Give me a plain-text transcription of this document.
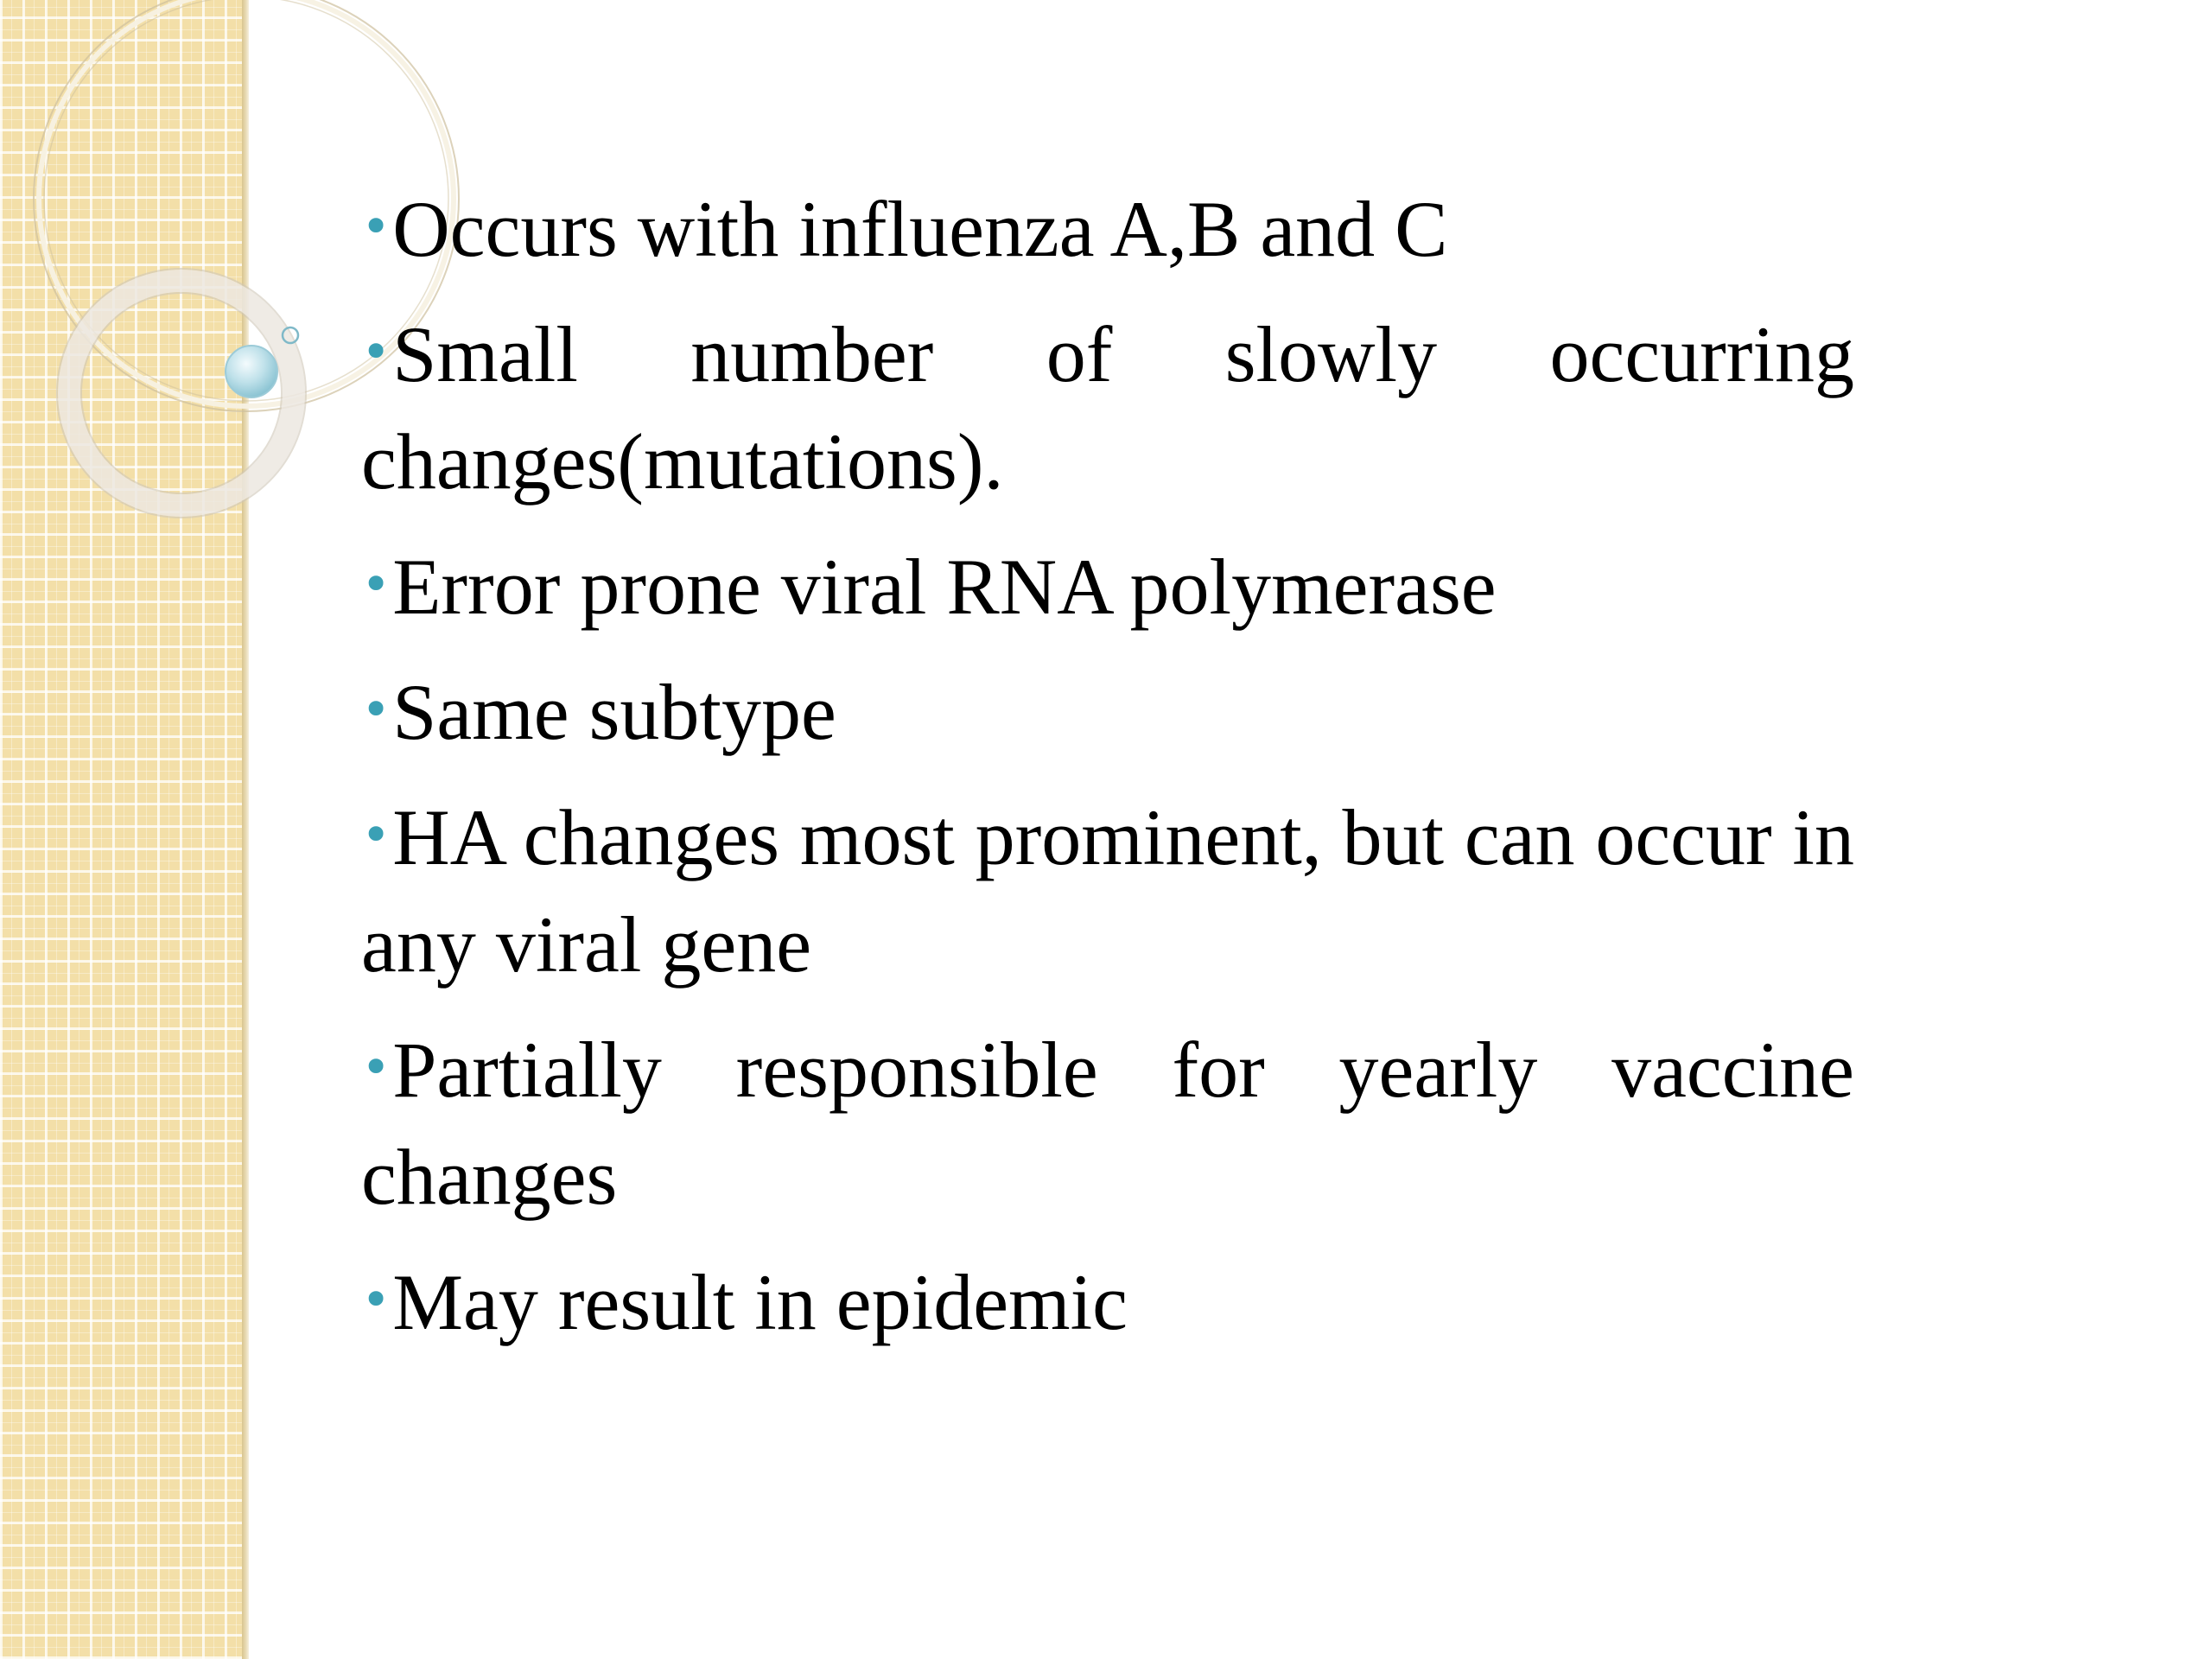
•Occurs with influenza A,B and C

•Small number of slowly occurring changes(mutations).

•Error prone viral RNA polymerase

•Same subtype

•HA changes most prominent, but can occur in any viral gene

•Partially responsible for yearly vaccine changes

•May result in epidemic
